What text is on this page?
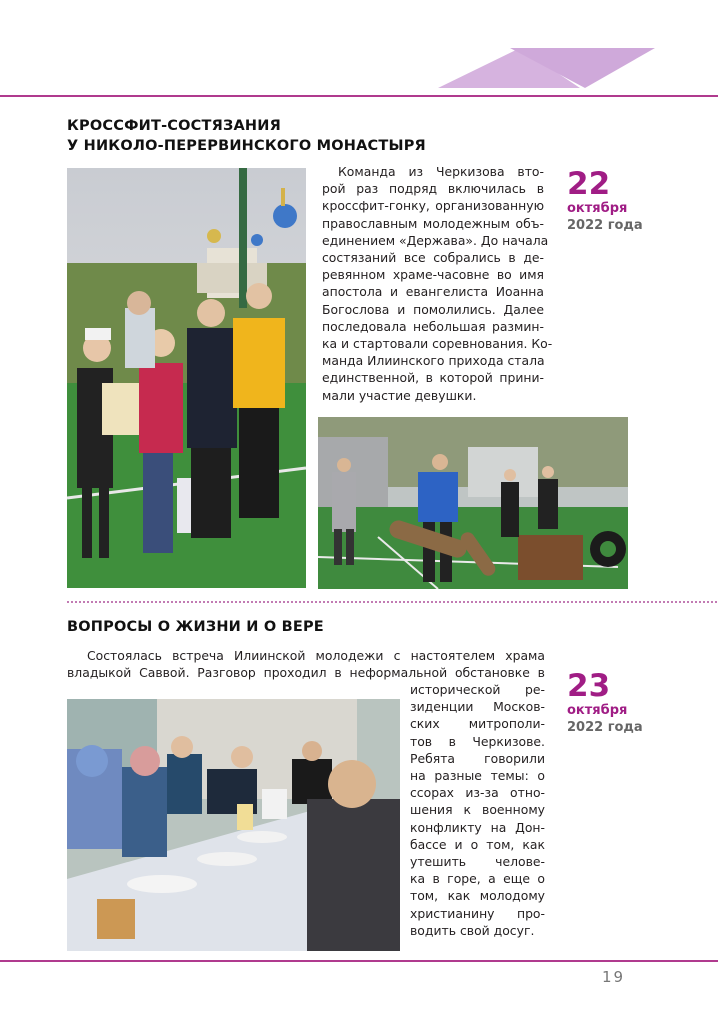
КРОССФИТ-СОСТЯЗАНИЯ
У НИКОЛО-ПЕРЕРВИНСКОГО МОНАСТЫРЯ
Команда из Черкизова вто-
рой раз подряд включилась в
кроссфит-гонку, организованную
православным молодежным объ-
единением «Держава». До начала
состязаний все собрались в де-
ревянном храме-часовне во имя
апостола и евангелиста Иоанна
Богослова и помолились. Далее
последовала небольшая размин-
ка и стартовали соревнования. Ко-
манда Илиинского прихода стала
единственной, в которой прини-
мали участие девушки.
22
октября
2022 года
ВОПРОСЫ О ЖИЗНИ И О ВЕРЕ
Состоялась встреча Илиинской молодежи с настоятелем храма
владыкой Саввой. Разговор проходил в неформальной обстановке в 23
октября
2022 года
исторической ре-
зиденции Москов-
ских митрополи-
тов в Черкизове.
Ребята говорили
на разные темы: о
ссорах из-за отно-
шения к военному
конфликту на Дон-
бассе и о том, как
утешить челове-
ка в горе, а еще о
том, как молодому
христианину про-
водить свой досуг.
19
